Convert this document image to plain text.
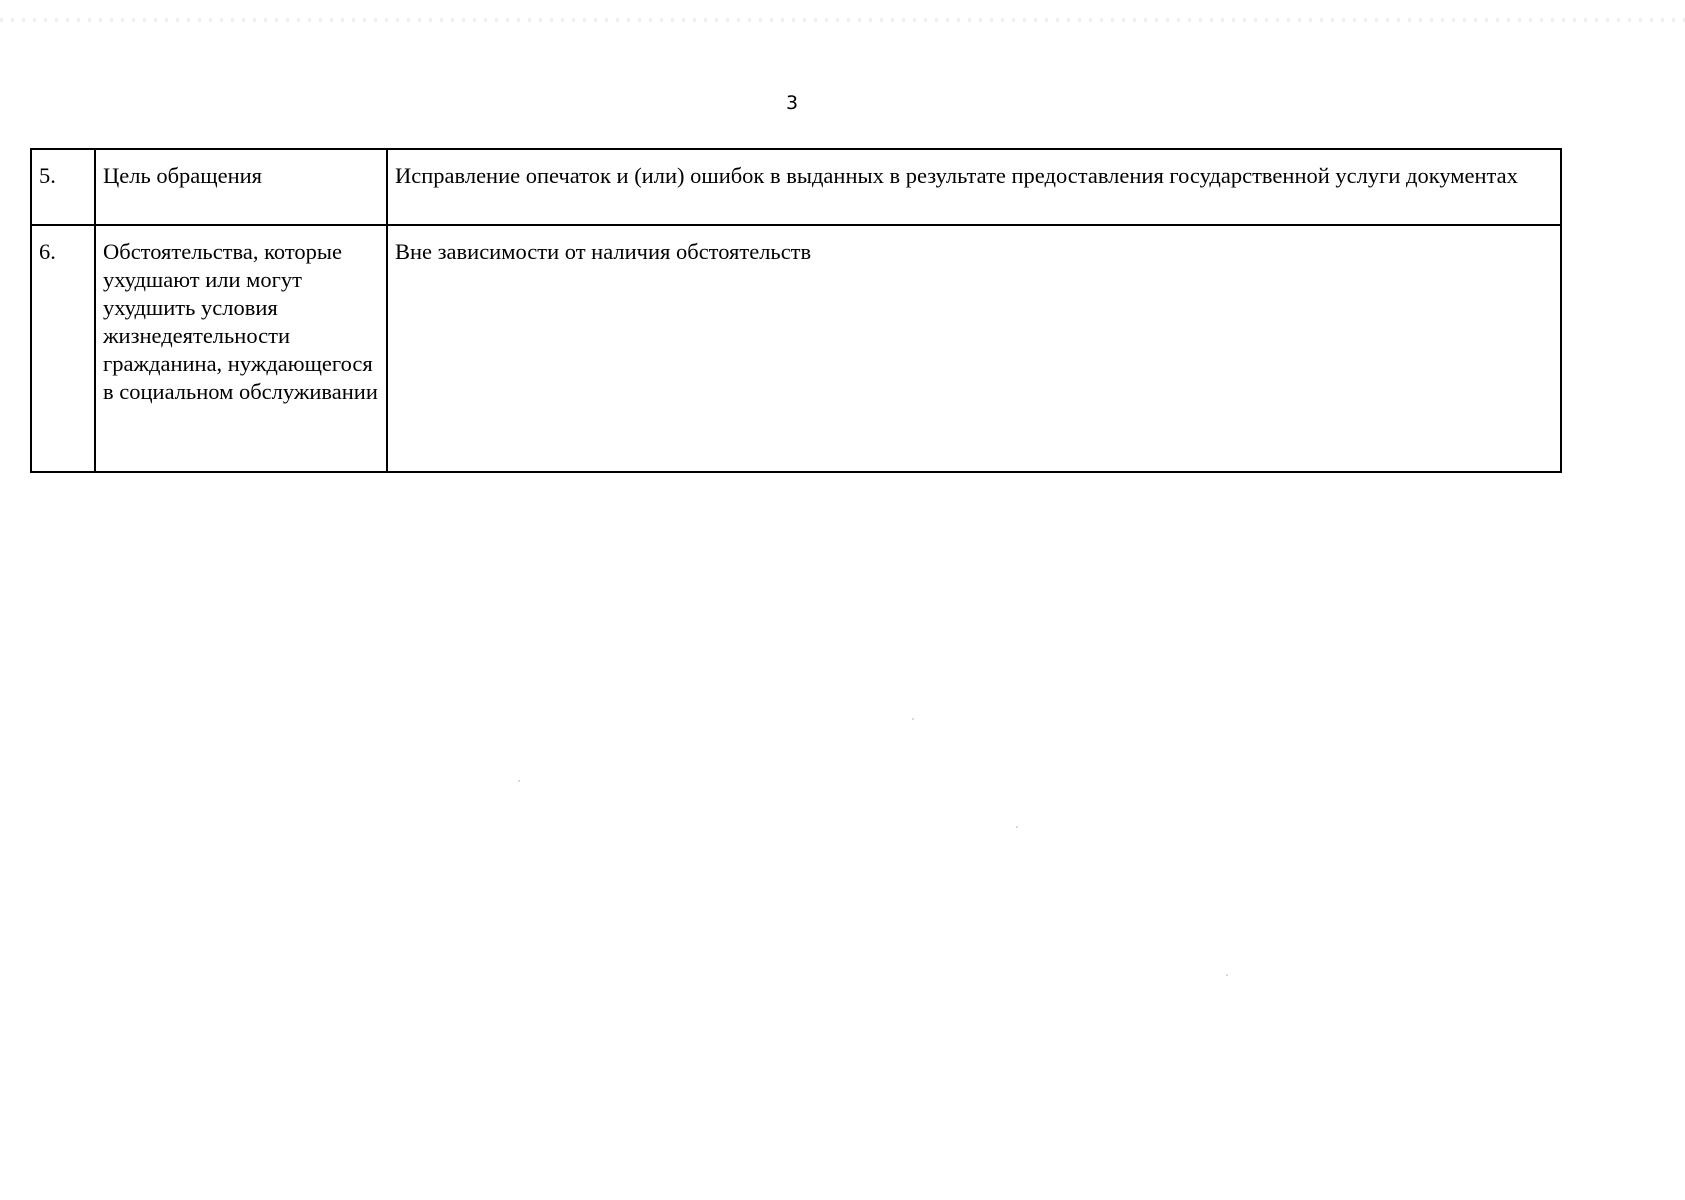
3
5.	Цель обращения	Исправление опечаток и (или) ошибок в выданных в результате предоставления государственной услуги документах
6.	Обстоятельства, которые ухудшают или могут ухудшить условия жизнедеятельности гражданина, нуждающегося в социальном обслуживании	Вне зависимости от наличия обстоятельств
